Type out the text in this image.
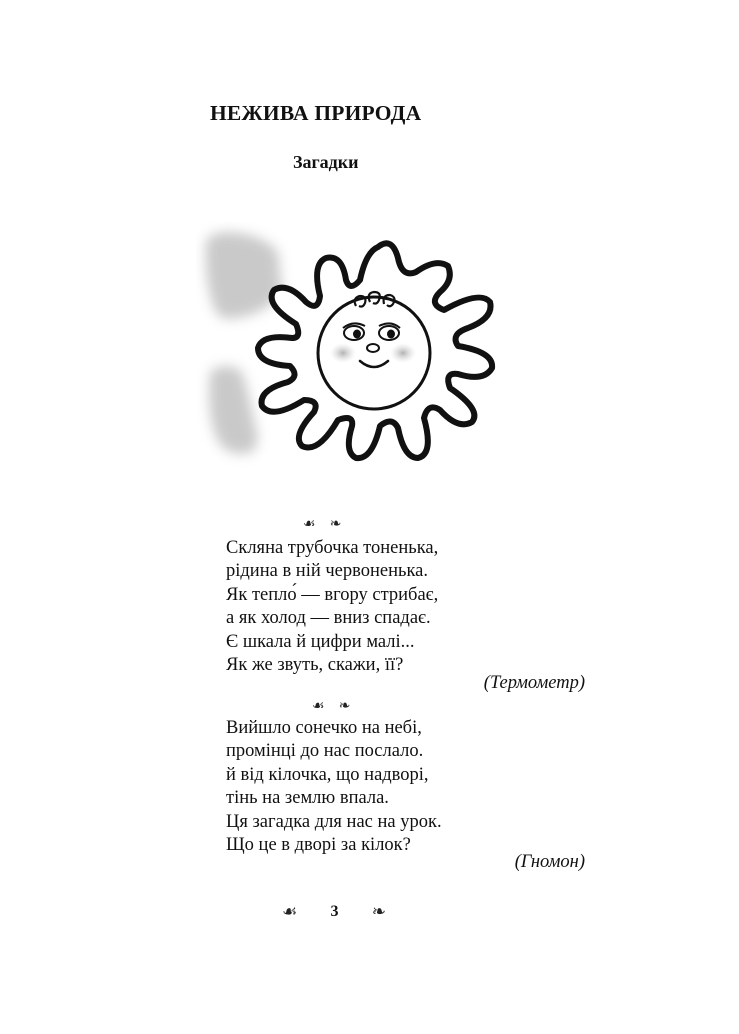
НЕЖИВА ПРИРОДА
Загадки
☙ ❧
Скляна трубочка тоненька,
рідина в ній червоненька.
Як тепло́ — вгору стрибає,
а як холод — вниз спадає.
Є шкала й цифри малі...
Як же звуть, скажи, її?
(Термометр)
☙ ❧
Вийшло сонечко на небі,
промінці до нас послало.
й від кілочка, що надворі,
тінь на землю впала.
Ця загадка для нас на урок.
Що це в дворі за кілок?
(Гномон)
☙ 3 ❧
